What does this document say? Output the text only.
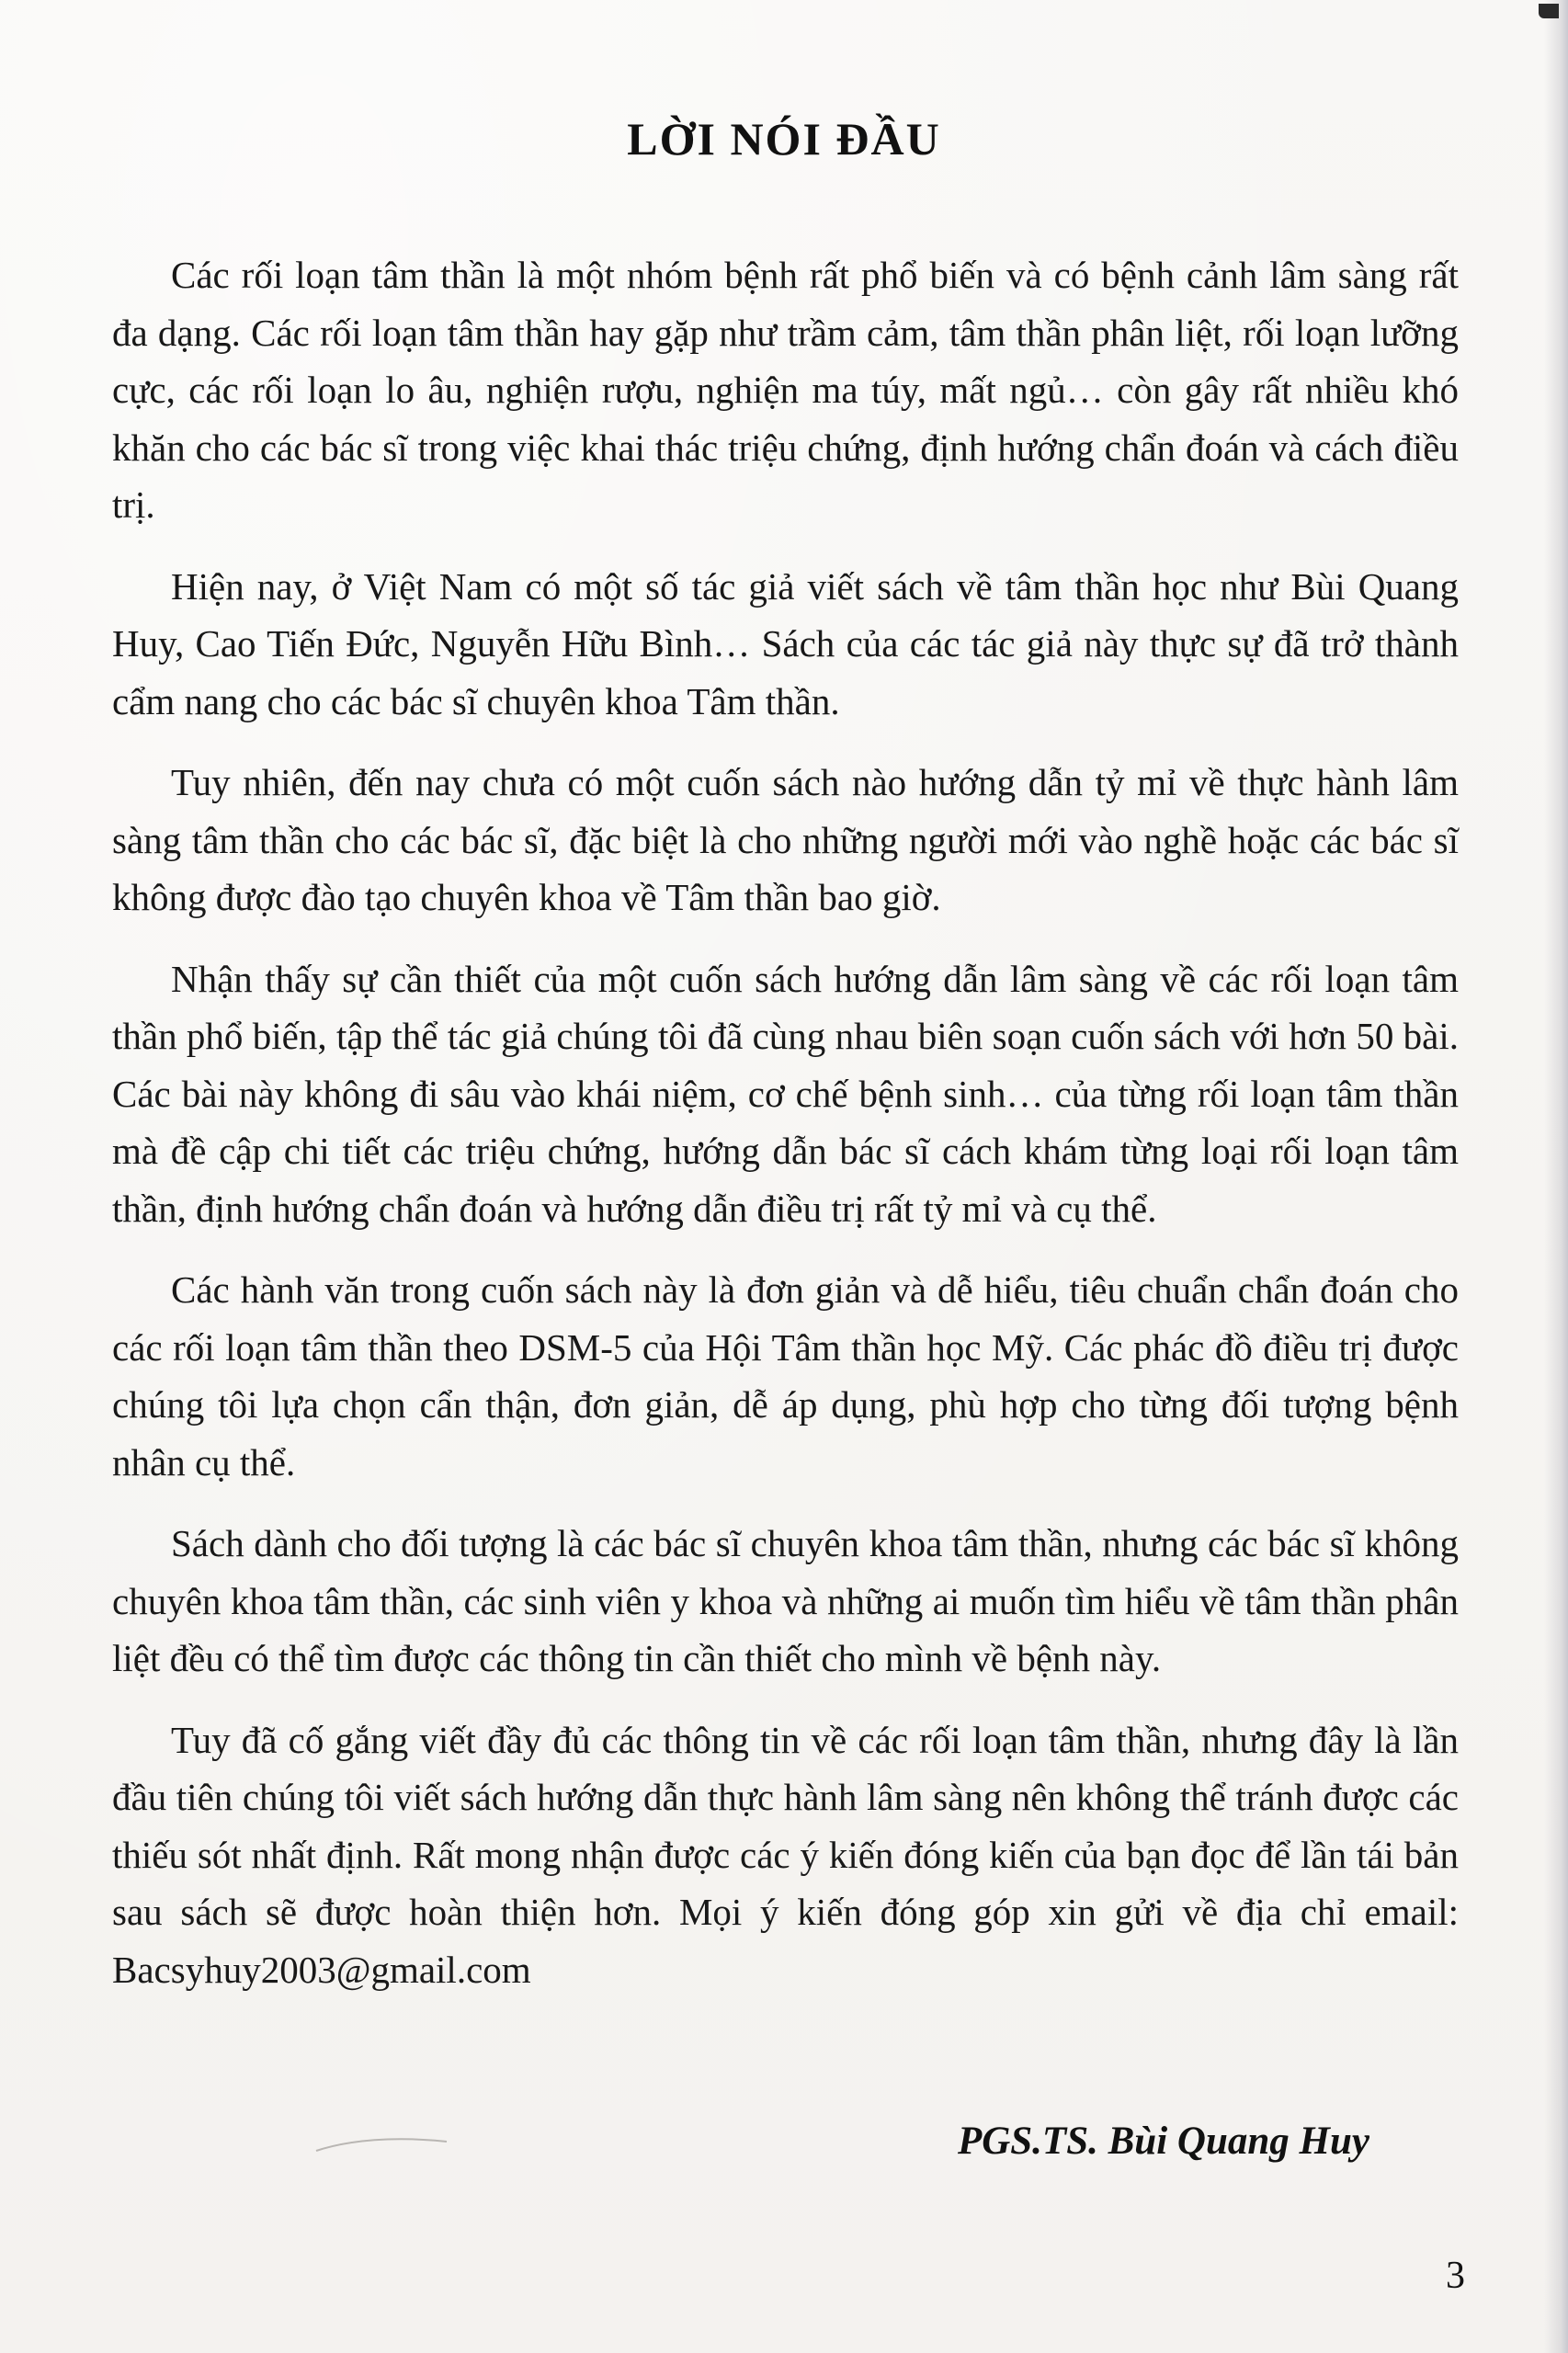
LỜI NÓI ĐẦU

Các rối loạn tâm thần là một nhóm bệnh rất phổ biến và có bệnh cảnh lâm sàng rất đa dạng. Các rối loạn tâm thần hay gặp như trầm cảm, tâm thần phân liệt, rối loạn lưỡng cực, các rối loạn lo âu, nghiện rượu, nghiện ma túy, mất ngủ… còn gây rất nhiều khó khăn cho các bác sĩ trong việc khai thác triệu chứng, định hướng chẩn đoán và cách điều trị.

Hiện nay, ở Việt Nam có một số tác giả viết sách về tâm thần học như Bùi Quang Huy, Cao Tiến Đức, Nguyễn Hữu Bình… Sách của các tác giả này thực sự đã trở thành cẩm nang cho các bác sĩ chuyên khoa Tâm thần.

Tuy nhiên, đến nay chưa có một cuốn sách nào hướng dẫn tỷ mỉ về thực hành lâm sàng tâm thần cho các bác sĩ, đặc biệt là cho những người mới vào nghề hoặc các bác sĩ không được đào tạo chuyên khoa về Tâm thần bao giờ.

Nhận thấy sự cần thiết của một cuốn sách hướng dẫn lâm sàng về các rối loạn tâm thần phổ biến, tập thể tác giả chúng tôi đã cùng nhau biên soạn cuốn sách với hơn 50 bài. Các bài này không đi sâu vào khái niệm, cơ chế bệnh sinh… của từng rối loạn tâm thần mà đề cập chi tiết các triệu chứng, hướng dẫn bác sĩ cách khám từng loại rối loạn tâm thần, định hướng chẩn đoán và hướng dẫn điều trị rất tỷ mỉ và cụ thể.

Các hành văn trong cuốn sách này là đơn giản và dễ hiểu, tiêu chuẩn chẩn đoán cho các rối loạn tâm thần theo DSM-5 của Hội Tâm thần học Mỹ. Các phác đồ điều trị được chúng tôi lựa chọn cẩn thận, đơn giản, dễ áp dụng, phù hợp cho từng đối tượng bệnh nhân cụ thể.

Sách dành cho đối tượng là các bác sĩ chuyên khoa tâm thần, nhưng các bác sĩ không chuyên khoa tâm thần, các sinh viên y khoa và những ai muốn tìm hiểu về tâm thần phân liệt đều có thể tìm được các thông tin cần thiết cho mình về bệnh này.

Tuy đã cố gắng viết đầy đủ các thông tin về các rối loạn tâm thần, nhưng đây là lần đầu tiên chúng tôi viết sách hướng dẫn thực hành lâm sàng nên không thể tránh được các thiếu sót nhất định. Rất mong nhận được các ý kiến đóng kiến của bạn đọc để lần tái bản sau sách sẽ được hoàn thiện hơn. Mọi ý kiến đóng góp xin gửi về địa chỉ email: Bacsyhuy2003@gmail.com

PGS.TS. Bùi Quang Huy
3
